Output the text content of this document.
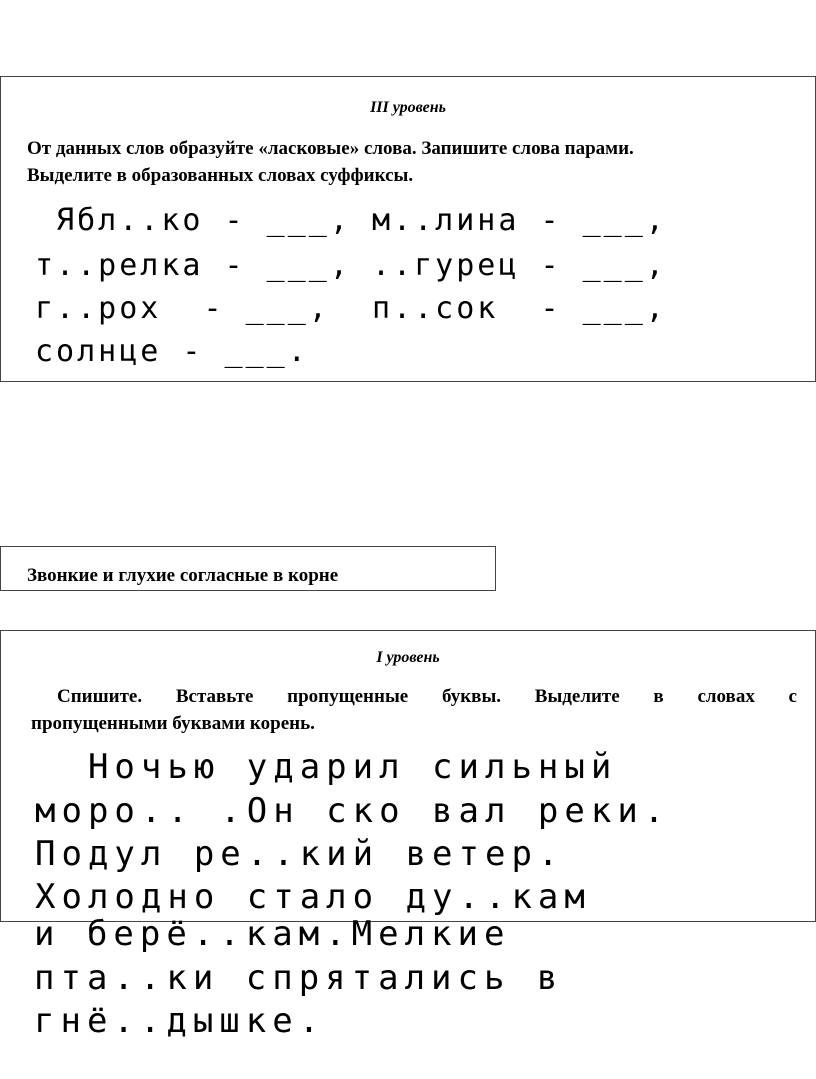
III уровень
От данных слов образуйте «ласковые» слова. Запишите слова парами.
Выделите в образованных словах суффиксы.
Ябл..ко - ___, м..лина - ___,
т..релка - ___, ..гурец - ___,
г..рох  - ___,  п..сок  - ___,
солнце - ___.
Звонкие и глухие согласные в корне
I уровень
Спишите. Вставьте пропущенные буквы. Выделите в словах с
пропущенными буквами корень.
Ночью ударил сильный
моро.. .Он ско вал реки.
Подул ре..кий ветер.
Холодно стало ду..кам
и берё..кам.Мелкие
пта..ки спрятались в
гнё..дышке.
